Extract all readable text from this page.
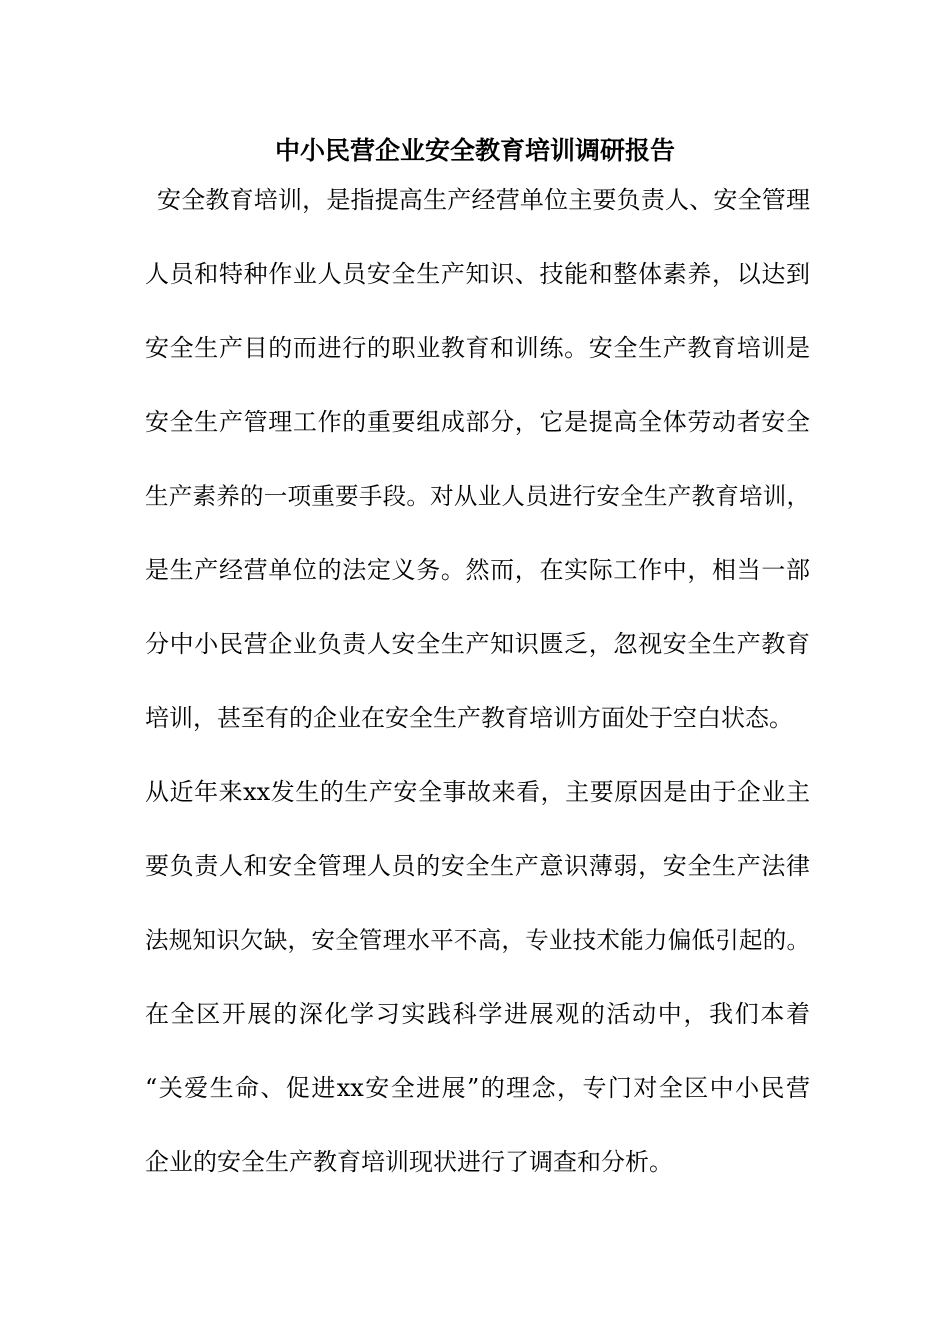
中小民营企业安全教育培训调研报告
安全教育培训，是指提高生产经营单位主要负责人、安全管理
人员和特种作业人员安全生产知识、技能和整体素养，以达到
安全生产目的而进行的职业教育和训练。安全生产教育培训是
安全生产管理工作的重要组成部分，它是提高全体劳动者安全
生产素养的一项重要手段。对从业人员进行安全生产教育培训，
是生产经营单位的法定义务。然而，在实际工作中，相当一部
分中小民营企业负责人安全生产知识匮乏，忽视安全生产教育
培训，甚至有的企业在安全生产教育培训方面处于空白状态。
从近年来xx发生的生产安全事故来看，主要原因是由于企业主
要负责人和安全管理人员的安全生产意识薄弱，安全生产法律
法规知识欠缺，安全管理水平不高，专业技术能力偏低引起的。
在全区开展的深化学习实践科学进展观的活动中，我们本着
“关爱生命、促进xx安全进展”的理念，专门对全区中小民营
企业的安全生产教育培训现状进行了调查和分析。
